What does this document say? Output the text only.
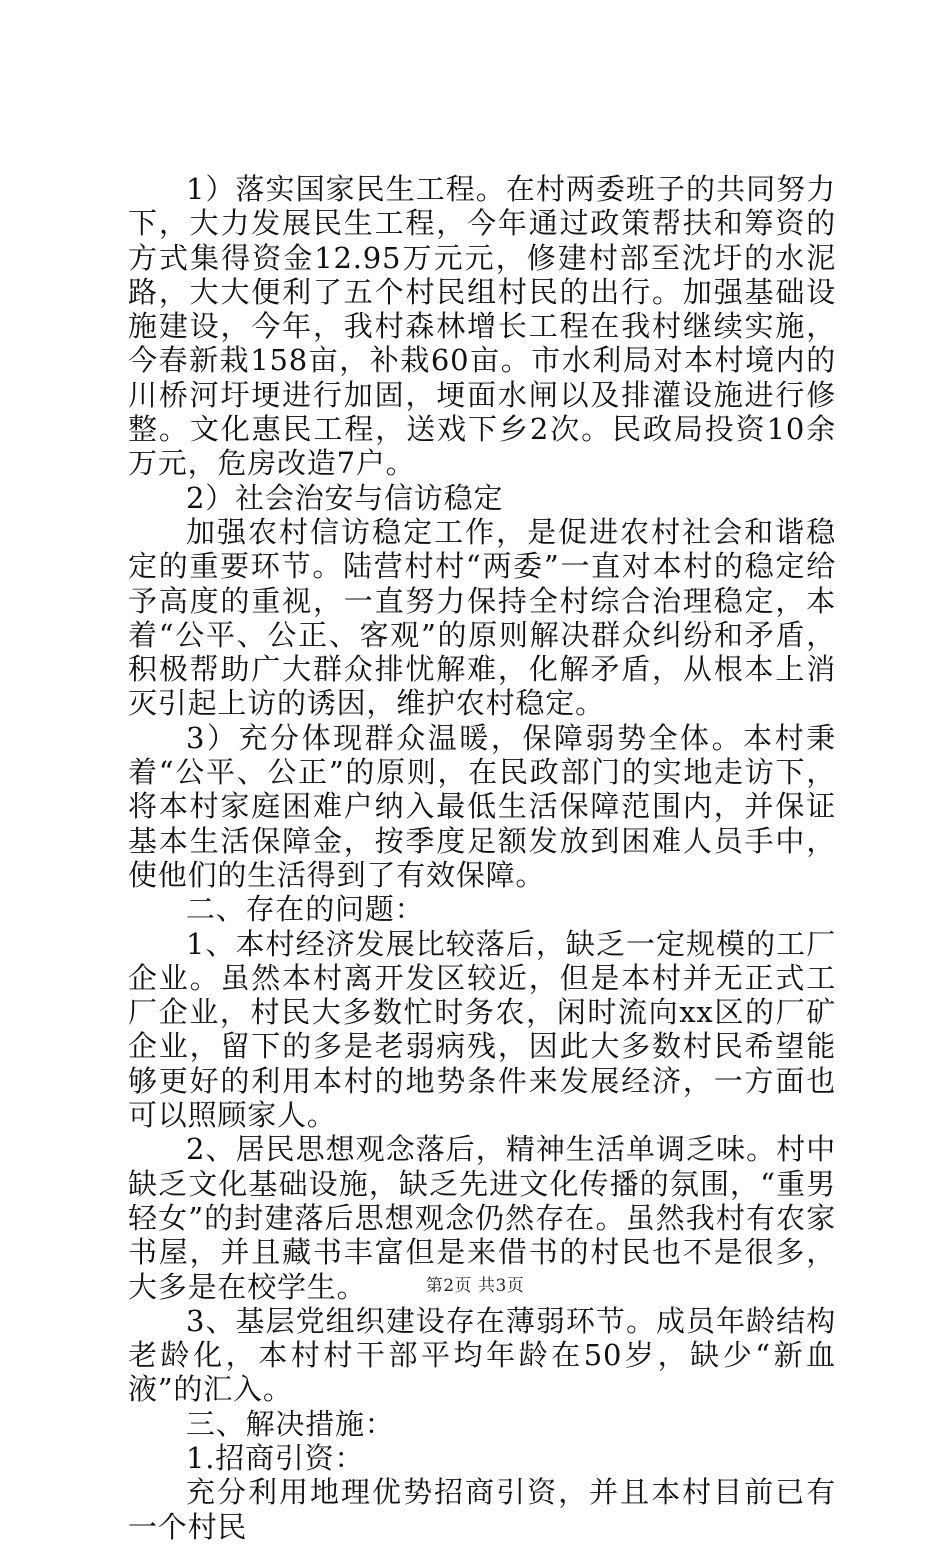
1）落实国家民生工程。在村两委班子的共同努力下，大力发展民生工程，今年通过政策帮扶和筹资的方式集得资金12.95万元元，修建村部至沈圩的水泥路，大大便利了五个村民组村民的出行。加强基础设施建设，今年，我村森林增长工程在我村继续实施，今春新栽158亩，补栽60亩。市水利局对本村境内的川桥河圩埂进行加固，埂面水闸以及排灌设施进行修整。文化惠民工程，送戏下乡2次。民政局投资10余万元，危房改造7户。

2）社会治安与信访稳定

加强农村信访稳定工作，是促进农村社会和谐稳定的重要环节。陆营村村“两委”一直对本村的稳定给予高度的重视，一直努力保持全村综合治理稳定，本着“公平、公正、客观”的原则解决群众纠纷和矛盾，积极帮助广大群众排忧解难，化解矛盾，从根本上消灭引起上访的诱因，维护农村稳定。

3）充分体现群众温暖，保障弱势全体。本村秉着“公平、公正”的原则，在民政部门的实地走访下，将本村家庭困难户纳入最低生活保障范围内，并保证基本生活保障金，按季度足额发放到困难人员手中，使他们的生活得到了有效保障。

二、存在的问题：

1、本村经济发展比较落后，缺乏一定规模的工厂企业。虽然本村离开发区较近，但是本村并无正式工厂企业，村民大多数忙时务农，闲时流向xx区的厂矿企业，留下的多是老弱病残，因此大多数村民希望能够更好的利用本村的地势条件来发展经济，一方面也可以照顾家人。

2、居民思想观念落后，精神生活单调乏味。村中缺乏文化基础设施，缺乏先进文化传播的氛围，“重男轻女”的封建落后思想观念仍然存在。虽然我村有农家书屋，并且藏书丰富但是来借书的村民也不是很多，大多是在校学生。

3、基层党组织建设存在薄弱环节。成员年龄结构老龄化，本村村干部平均年龄在50岁，缺少“新血液”的汇入。

三、解决措施：

1.招商引资：

充分利用地理优势招商引资，并且本村目前已有一个村民

第2页 共3页
